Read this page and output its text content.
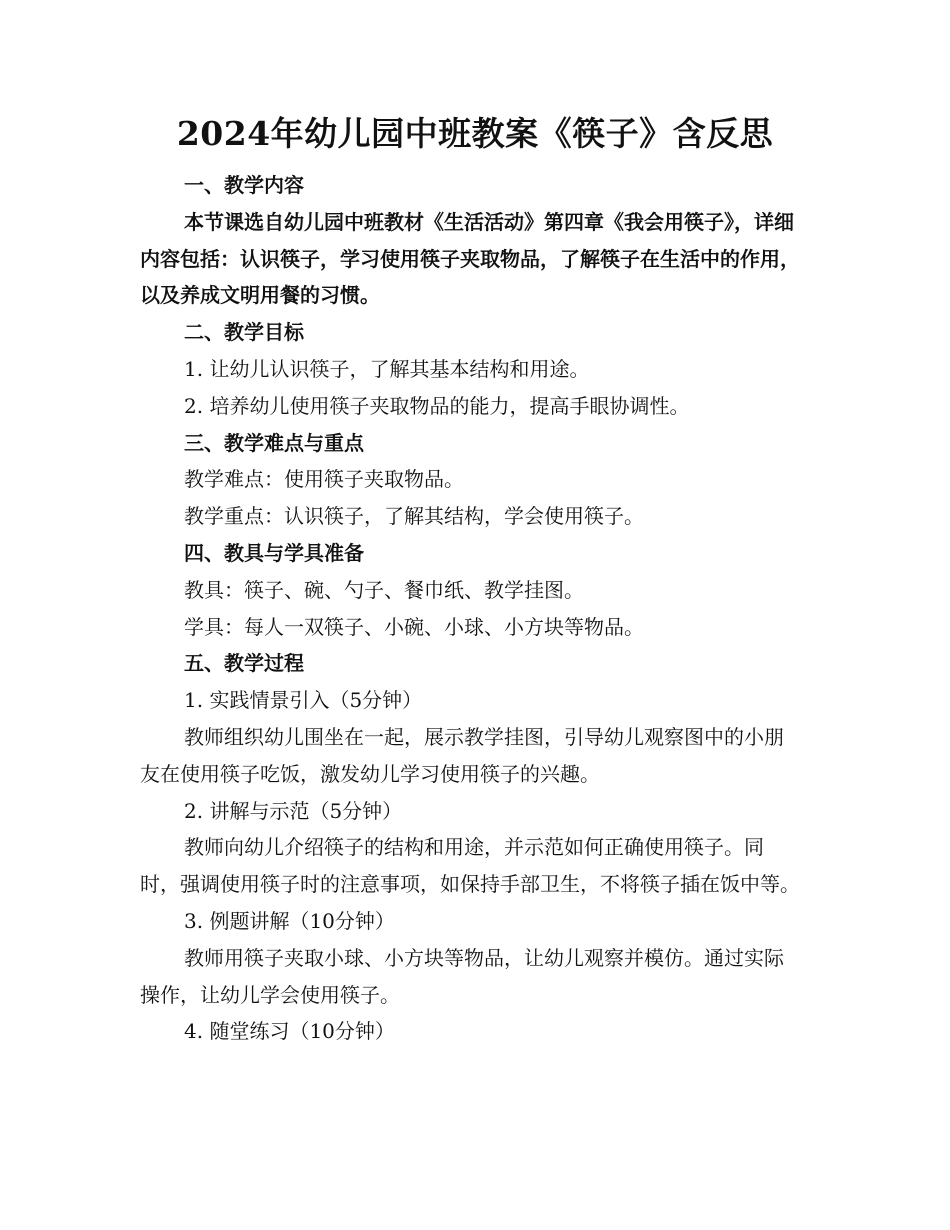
2024年幼儿园中班教案《筷子》含反思
一、教学内容

本节课选自幼儿园中班教材《生活活动》第四章《我会用筷子》，详细内容包括：认识筷子，学习使用筷子夹取物品，了解筷子在生活中的作用，以及养成文明用餐的习惯。

二、教学目标

1. 让幼儿认识筷子，了解其基本结构和用途。

2. 培养幼儿使用筷子夹取物品的能力，提高手眼协调性。

三、教学难点与重点

教学难点：使用筷子夹取物品。

教学重点：认识筷子，了解其结构，学会使用筷子。

四、教具与学具准备

教具：筷子、碗、勺子、餐巾纸、教学挂图。

学具：每人一双筷子、小碗、小球、小方块等物品。

五、教学过程

1. 实践情景引入（5分钟）

教师组织幼儿围坐在一起，展示教学挂图，引导幼儿观察图中的小朋友在使用筷子吃饭，激发幼儿学习使用筷子的兴趣。

2. 讲解与示范（5分钟）

教师向幼儿介绍筷子的结构和用途，并示范如何正确使用筷子。同时，强调使用筷子时的注意事项，如保持手部卫生，不将筷子插在饭中等。

3. 例题讲解（10分钟）

教师用筷子夹取小球、小方块等物品，让幼儿观察并模仿。通过实际操作，让幼儿学会使用筷子。

4. 随堂练习（10分钟）
